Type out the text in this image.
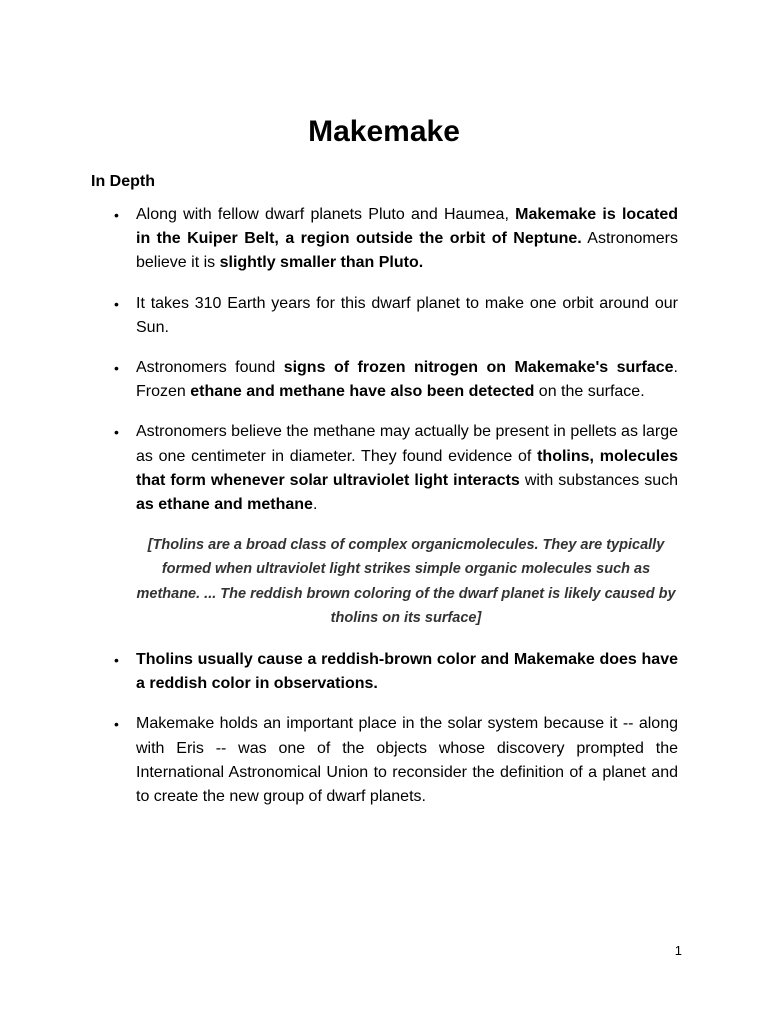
Makemake
In Depth

• Along with fellow dwarf planets Pluto and Haumea, Makemake is located in the Kuiper Belt, a region outside the orbit of Neptune. Astronomers believe it is slightly smaller than Pluto.

• It takes 310 Earth years for this dwarf planet to make one orbit around our Sun.

• Astronomers found signs of frozen nitrogen on Makemake's surface. Frozen ethane and methane have also been detected on the surface.

• Astronomers believe the methane may actually be present in pellets as large as one centimeter in diameter. They found evidence of tholins, molecules that form whenever solar ultraviolet light interacts with substances such as ethane and methane.

[Tholins are a broad class of complex organicmolecules. They are typically formed when ultraviolet light strikes simple organic molecules such as methane. ... The reddish brown coloring of the dwarf planet is likely caused by tholins on its surface]

• Tholins usually cause a reddish-brown color and Makemake does have a reddish color in observations.

• Makemake holds an important place in the solar system because it -- along with Eris -- was one of the objects whose discovery prompted the International Astronomical Union to reconsider the definition of a planet and to create the new group of dwarf planets.

1
